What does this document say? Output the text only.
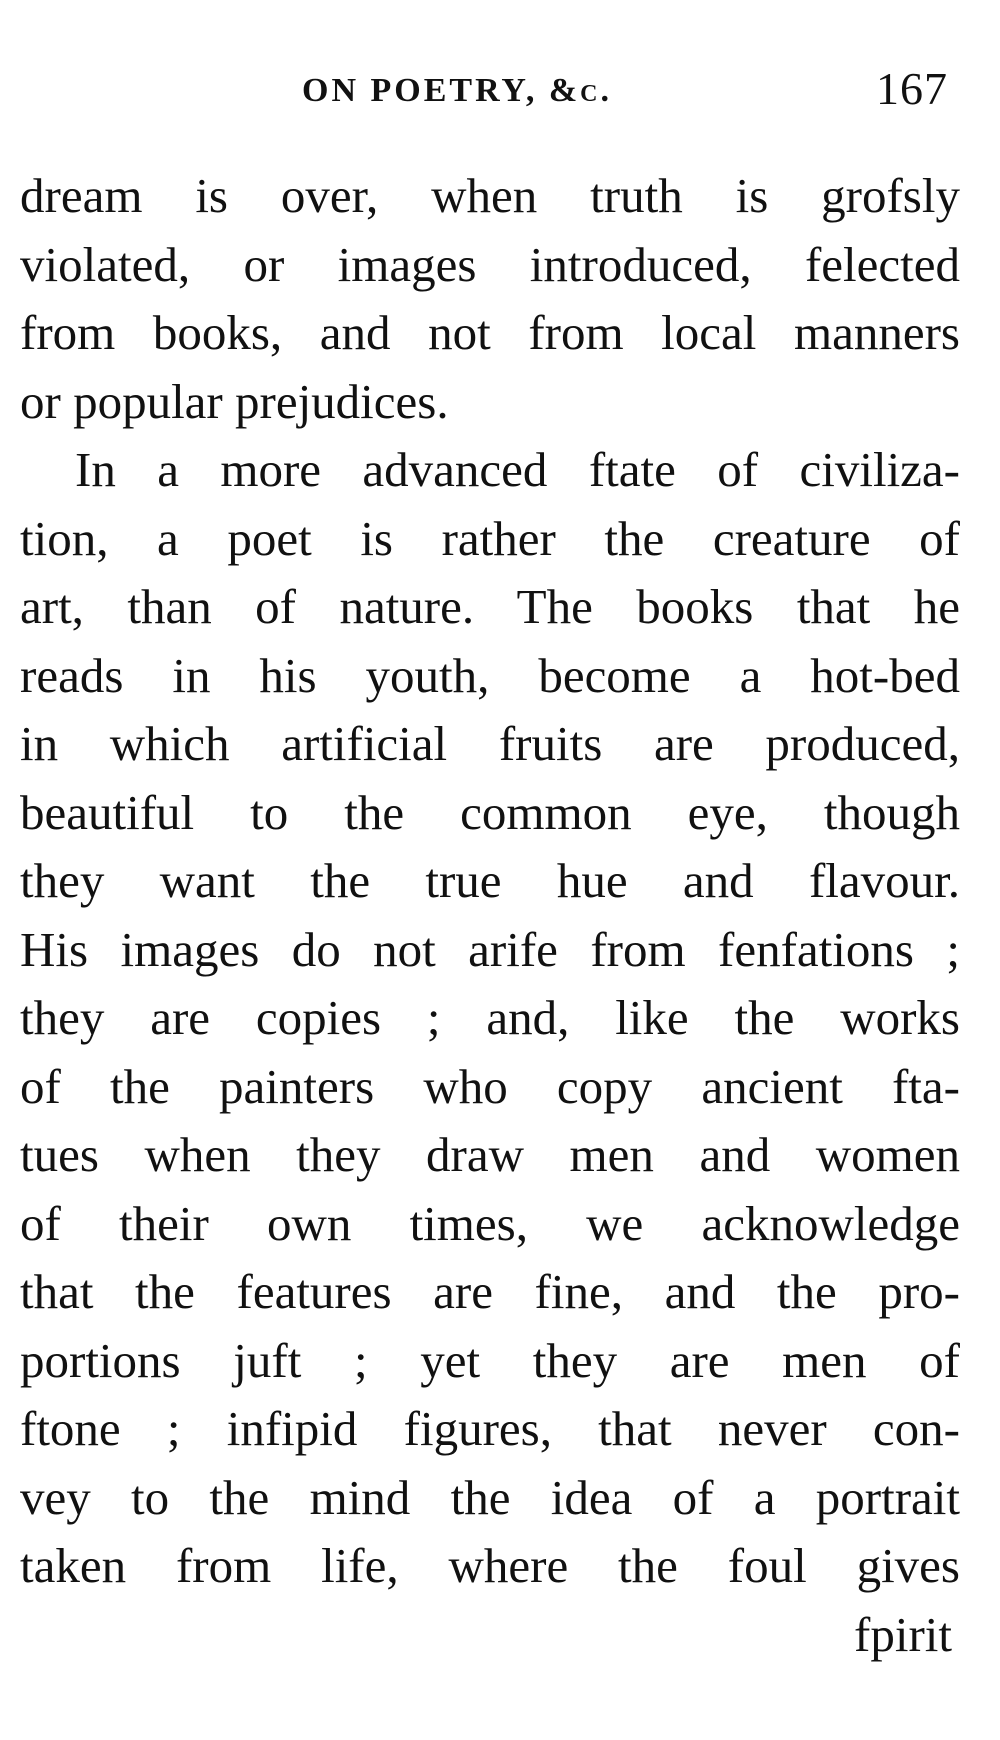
ON POETRY, &c.	167
dream is over, when truth is grofsly
violated, or images introduced, felected
from books, and not from local manners
or popular prejudices.
In a more advanced ftate of civiliza-
tion, a poet is rather the creature of
art, than of nature. The books that he
reads in his youth, become a hot-bed
in which artificial fruits are produced,
beautiful to the common eye, though
they want the true hue and flavour.
His images do not arife from fenfations ;
they are copies ; and, like the works
of the painters who copy ancient fta-
tues when they draw men and women
of their own times, we acknowledge
that the features are fine, and the pro-
portions juft ; yet they are men of
ftone ; infipid figures, that never con-
vey to the mind the idea of a portrait
taken from life, where the foul gives
fpirit
